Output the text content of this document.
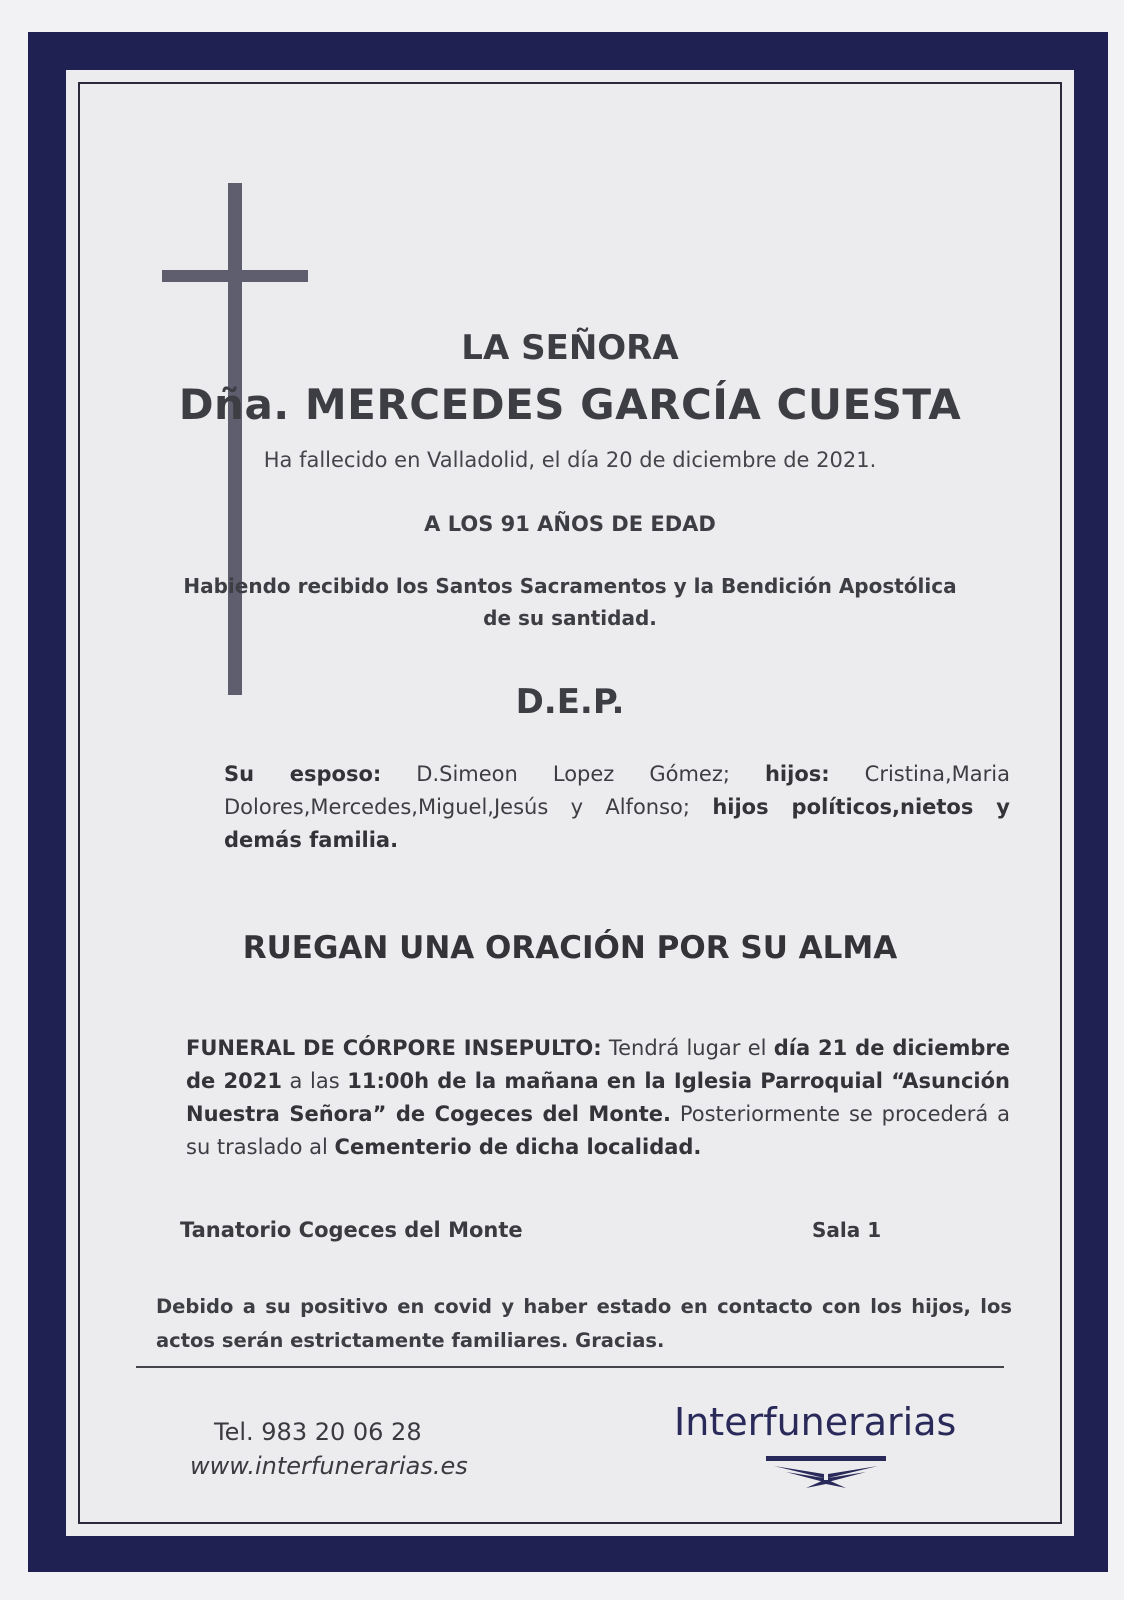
LA SEÑORA
Dña. MERCEDES GARCÍA CUESTA
Ha fallecido en Valladolid, el día 20 de diciembre de 2021.
A LOS 91 AÑOS DE EDAD
Habiendo recibido los Santos Sacramentos y la Bendición Apostólica
de su santidad.
D.E.P.
Su esposo: D.Simeon Lopez Gómez; hijos: Cristina,Maria Dolores,Mercedes,Miguel,Jesús y Alfonso; hijos políticos,nietos y demás familia.
RUEGAN UNA ORACIÓN POR SU ALMA
FUNERAL DE CÓRPORE INSEPULTO: Tendrá lugar el día 21 de diciembre de 2021 a las 11:00h de la mañana en la Iglesia Parroquial “Asunción Nuestra Señora” de Cogeces del Monte. Posteriormente se procederá a su traslado al Cementerio de dicha localidad.
Tanatorio Cogeces del Monte	Sala 1
Debido a su positivo en covid y haber estado en contacto con los hijos, los actos serán estrictamente familiares. Gracias.
Tel. 983 20 06 28
www.interfunerarias.es
Interfunerarias
